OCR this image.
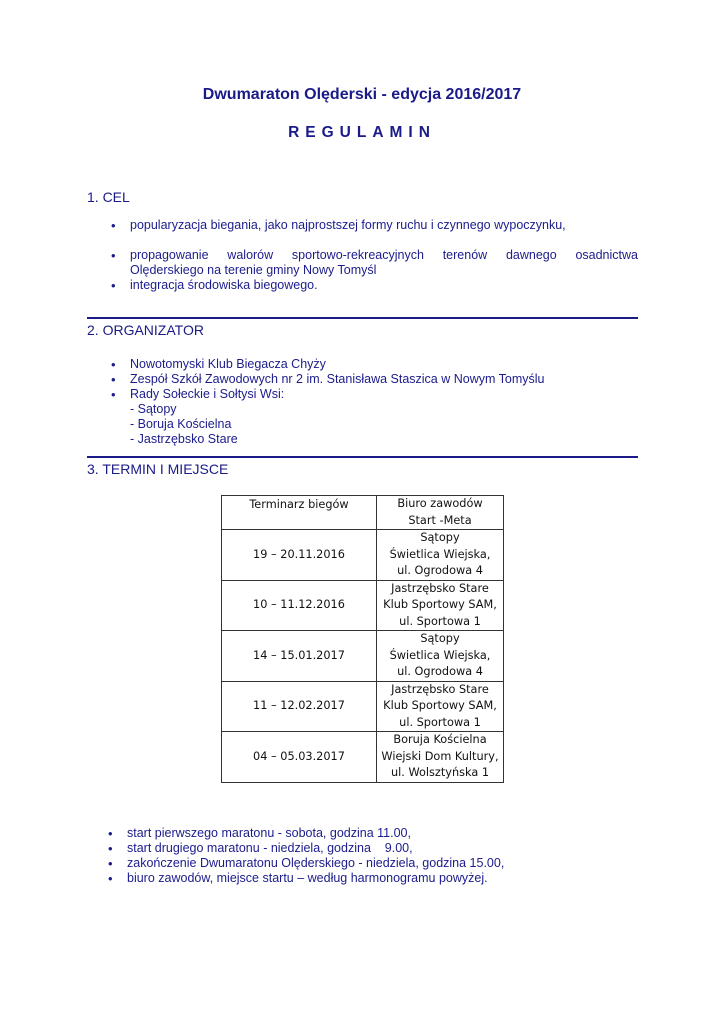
Dwumaraton Olęderski - edycja 2016/2017
REGULAMIN
1. CEL
• popularyzacja biegania, jako najprostszej formy ruchu i czynnego wypoczynku,
• propagowanie walorów sportowo-rekreacyjnych terenów dawnego osadnictwa
Olęderskiego na terenie gminy Nowy Tomyśl
• integracja środowiska biegowego.
2. ORGANIZATOR
• Nowotomyski Klub Biegacza Chyży
• Zespół Szkół Zawodowych nr 2 im. Stanisława Staszica w Nowym Tomyślu
• Rady Sołeckie i Sołtysi Wsi:
- Sątopy
- Boruja Kościelna
- Jastrzębsko Stare
3. TERMIN I MIEJSCE
Terminarz biegów	Biuro zawodów
Start -Meta

19 – 20.11.2016	Sątopy
Świetlica Wiejska,
ul. Ogrodowa 4

10 – 11.12.2016	Jastrzębsko Stare
Klub Sportowy SAM,
ul. Sportowa 1

14 – 15.01.2017	Sątopy
Świetlica Wiejska,
ul. Ogrodowa 4

11 – 12.02.2017	Jastrzębsko Stare
Klub Sportowy SAM,
ul. Sportowa 1

04 – 05.03.2017	Boruja Kościelna
Wiejski Dom Kultury,
ul. Wolsztyńska 1
• start pierwszego maratonu - sobota, godzina 11.00,
• start drugiego maratonu - niedziela, godzina    9.00,
• zakończenie Dwumaratonu Olęderskiego - niedziela, godzina 15.00,
• biuro zawodów, miejsce startu – według harmonogramu powyżej.
